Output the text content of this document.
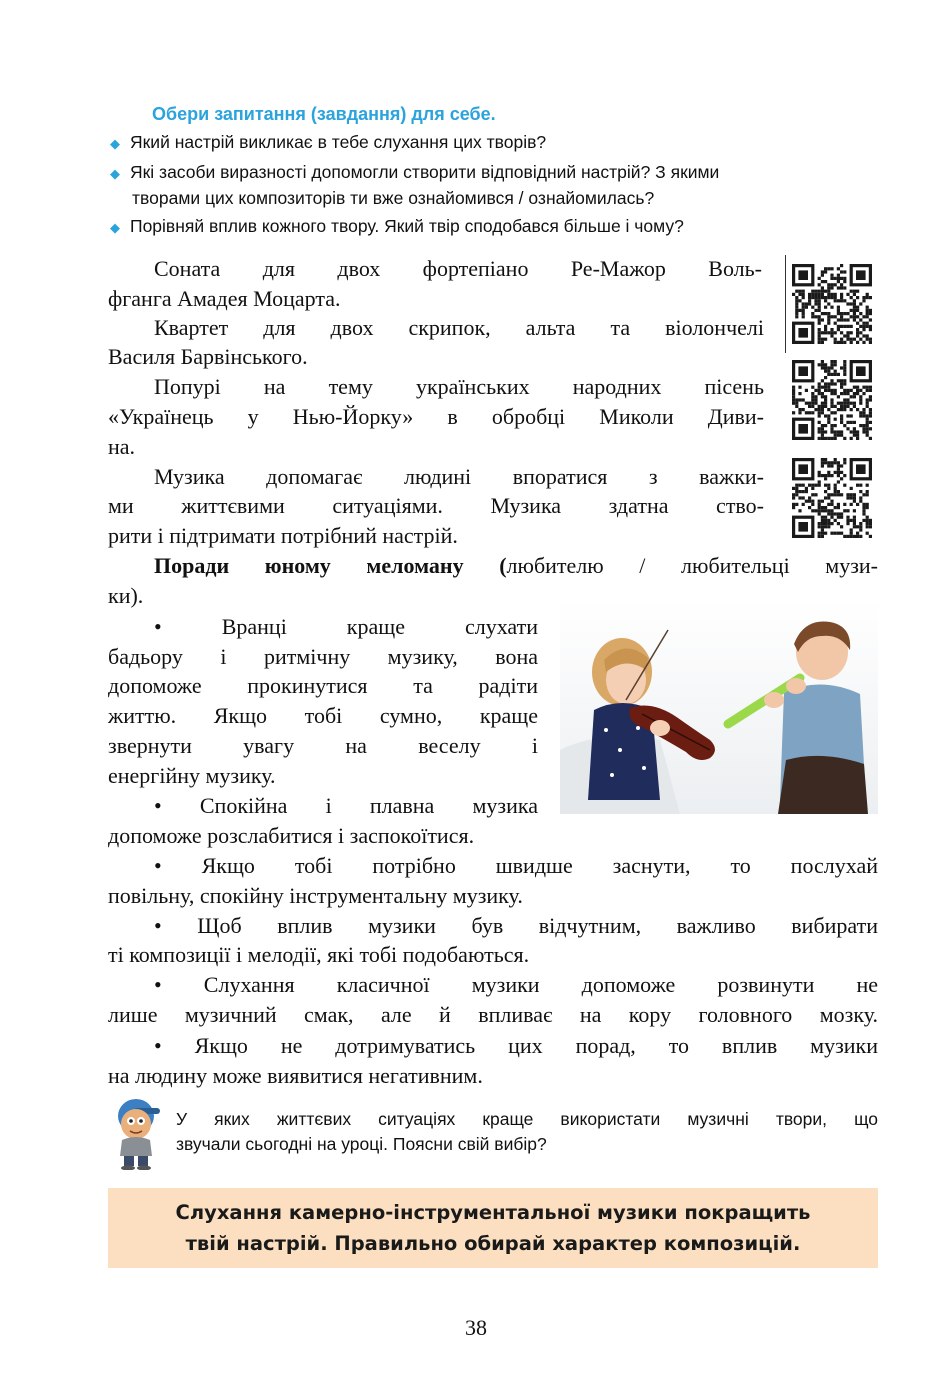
Обери запитання (завдання) для себе.
◆ Який настрій викликає в тебе слухання цих творів?
◆ Які засоби виразності допомогли створити відповідний настрій? З якими
творами цих композиторів ти вже ознайомився / ознайомилась?
◆ Порівняй вплив кожного твору. Який твір сподобався більше і чому?
Соната для двох фортепіано Ре-Мажор Воль-
фганга Амадея Моцарта.
Квартет для двох скрипок, альта та віолончелі
Василя Барвінського.
Попурі на тему українських народних пісень
«Українець у Нью-Йорку» в обробці Миколи Диви-
на.
Музика допомагає людині впоратися з важки-
ми життєвими ситуаціями. Музика здатна ство-
рити і підтримати потрібний настрій.
Поради юному меломану (любителю / любительці музи-
ки).
• Вранці краще слухати
бадьору і ритмічну музику, вона
допоможе прокинутися та радіти
життю. Якщо тобі сумно, краще
звернути увагу на веселу і
енергійну музику.
• Спокійна і плавна музика
допоможе розслабитися і заспокоїтися.
• Якщо тобі потрібно швидше заснути, то послухай
повільну, спокійну інструментальну музику.
• Щоб вплив музики був відчутним, важливо вибирати
ті композиції і мелодії, які тобі подобаються.
• Слухання класичної музики допоможе розвинути не
лише музичний смак, але й впливає на кору головного мозку.
• Якщо не дотримуватись цих порад, то вплив музики
на людину може виявитися негативним.
У яких життєвих ситуаціях краще використати музичні твори, що
звучали сьогодні на уроці. Поясни свій вибір?
Слухання камерно-інструментальної музики покращить
твій настрій. Правильно обирай характер композицій.
38
